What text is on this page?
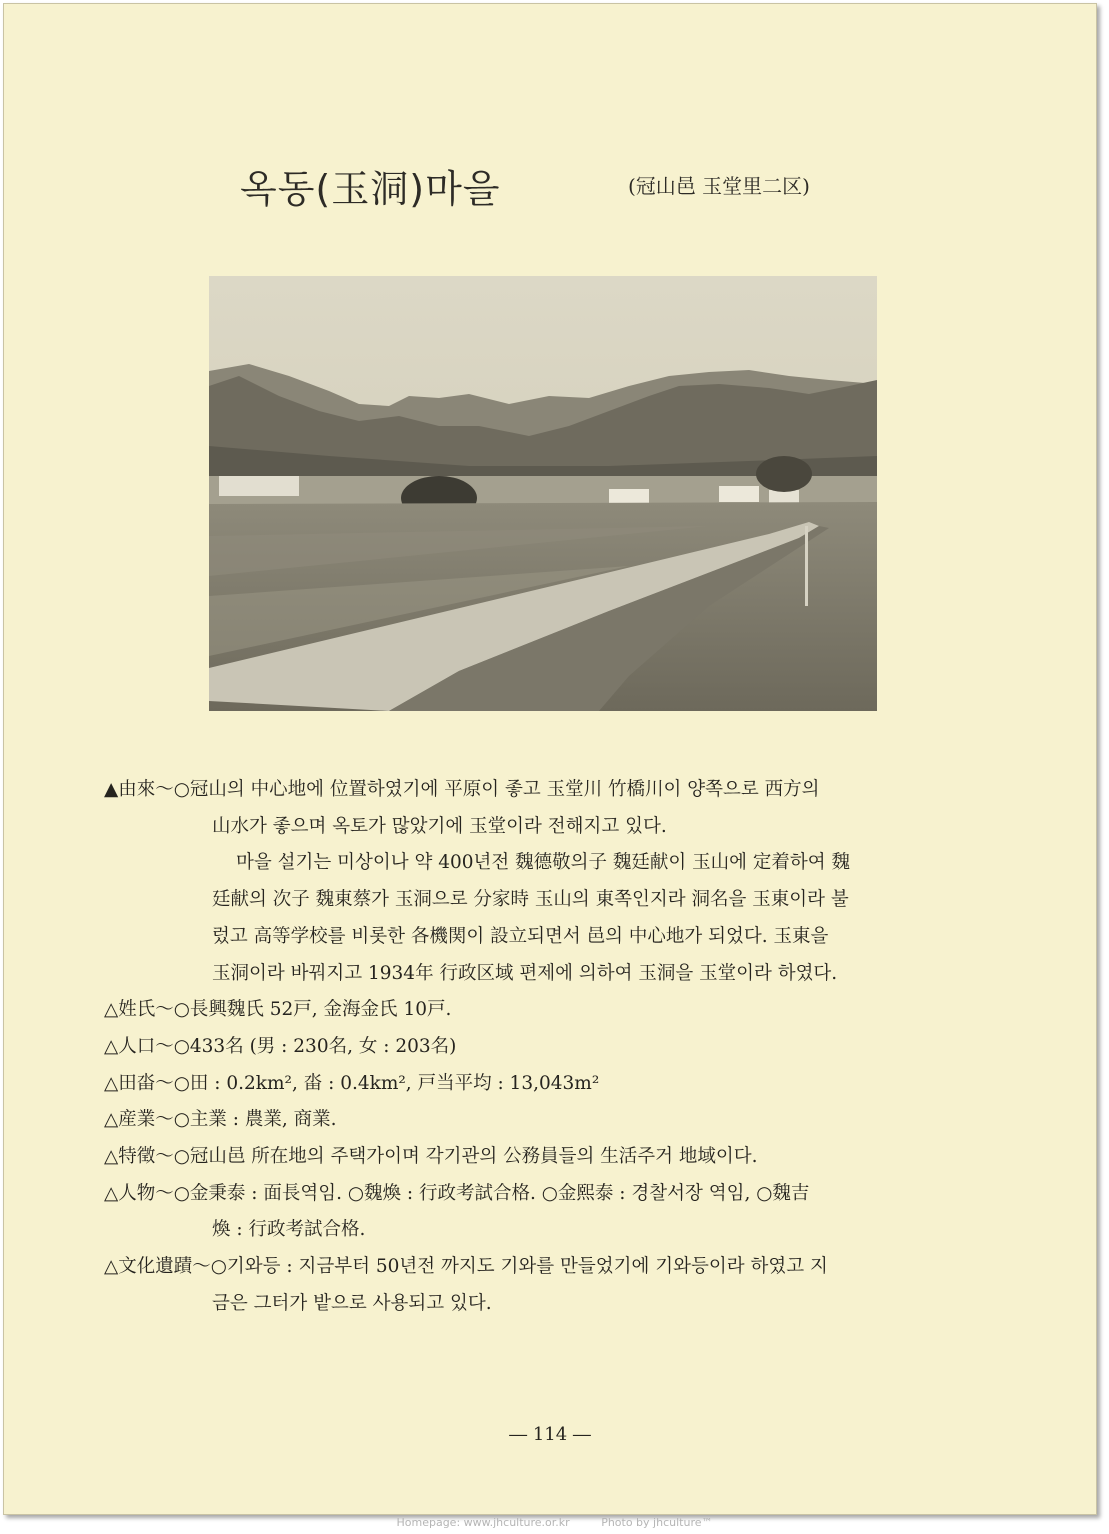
옥동(玉洞)마을	(冠山邑 玉堂里二区)
▲由來～ ○冠山의 中心地에 位置하였기에 平原이 좋고 玉堂川 竹橋川이 양쪽으로 西方의
山水가 좋으며 옥토가 많았기에 玉堂이라 전해지고 있다.
마을 설기는 미상이나 약 400년전 魏德敬의子 魏廷献이 玉山에 定着하여 魏
廷献의 次子 魏東蔡가 玉洞으로 分家時 玉山의 東쪽인지라 洞名을 玉東이라 불
렀고 高等学校를 비롯한 各機関이 設立되면서 邑의 中心地가 되었다. 玉東을
玉洞이라 바꿔지고 1934年 行政区域 편제에 의하여 玉洞을 玉堂이라 하였다.
△姓氏～ ○長興魏氏 52戸, 金海金氏 10戸.
△人口～ ○433名 (男 : 230名, 女 : 203名)
△田畓～ ○田 : 0.2km², 畓 : 0.4km², 戸当平均 : 13,043m²
△産業～ ○主業 : 農業, 商業.
△特徵～ ○冠山邑 所在地의 주택가이며 각기관의 公務員들의 生活주거 地域이다.
△人物～ ○金秉泰 : 面長역임. ○魏煥 : 行政考試合格. ○金熙泰 : 경찰서장 역임, ○魏吉
煥 : 行政考試合格.
△文化遺蹟～ ○기와등 : 지금부터 50년전 까지도 기와를 만들었기에 기와등이라 하였고 지
금은 그터가 밭으로 사용되고 있다.
― 114 ―
Homepage: www.jhculture.or.kr	Photo by jhculture™
